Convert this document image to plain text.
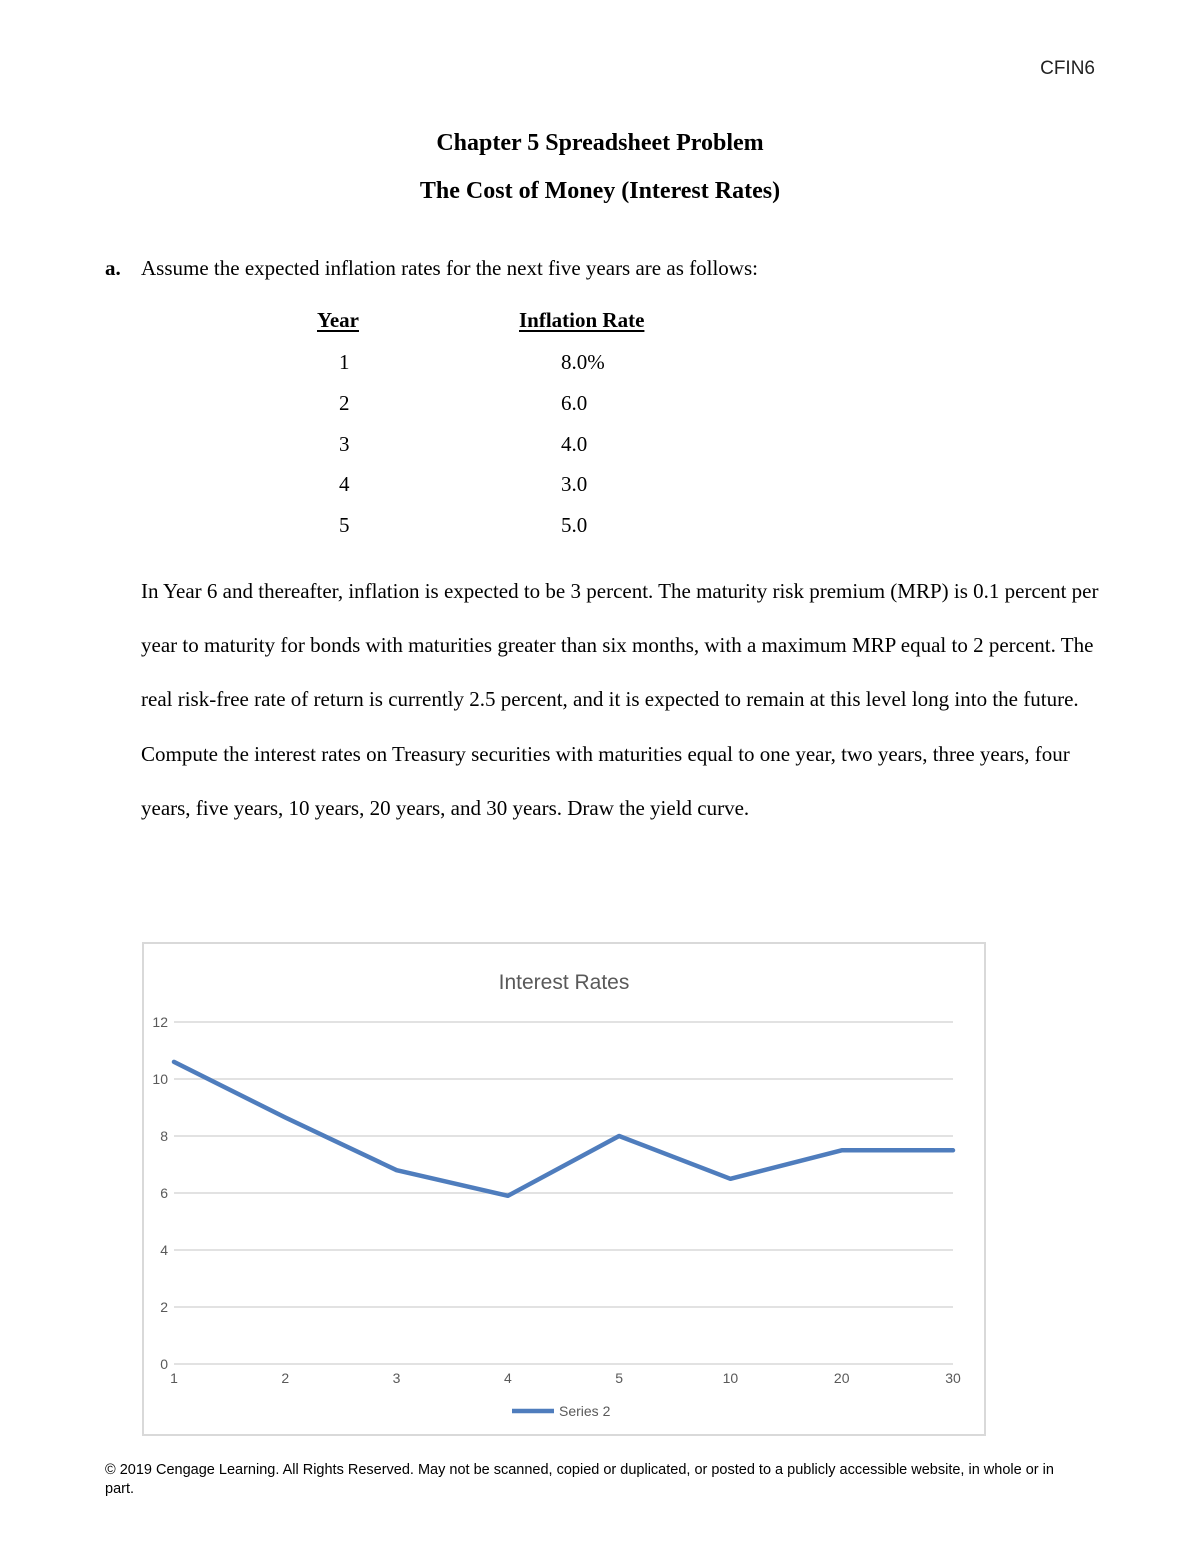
CFIN6
Chapter 5 Spreadsheet Problem
The Cost of Money (Interest Rates)
a. Assume the expected inflation rates for the next five years are as follows:
Year	Inflation Rate
1	8.0%
2	6.0
3	4.0
4	3.0
5	5.0
In Year 6 and thereafter, inflation is expected to be 3 percent. The maturity risk premium (MRP) is 0.1 percent per year to maturity for bonds with maturities greater than six months, with a maximum MRP equal to 2 percent. The real risk-free rate of return is currently 2.5 percent, and it is expected to remain at this level long into the future. Compute the interest rates on Treasury securities with maturities equal to one year, two years, three years, four years, five years, 10 years, 20 years, and 30 years. Draw the yield curve.
Interest Rates
0
2
4
6
8
10
12
1	2	3	4	5	10	20	30
Series 2
© 2019 Cengage Learning. All Rights Reserved. May not be scanned, copied or duplicated, or posted to a publicly accessible website, in whole or in part.
